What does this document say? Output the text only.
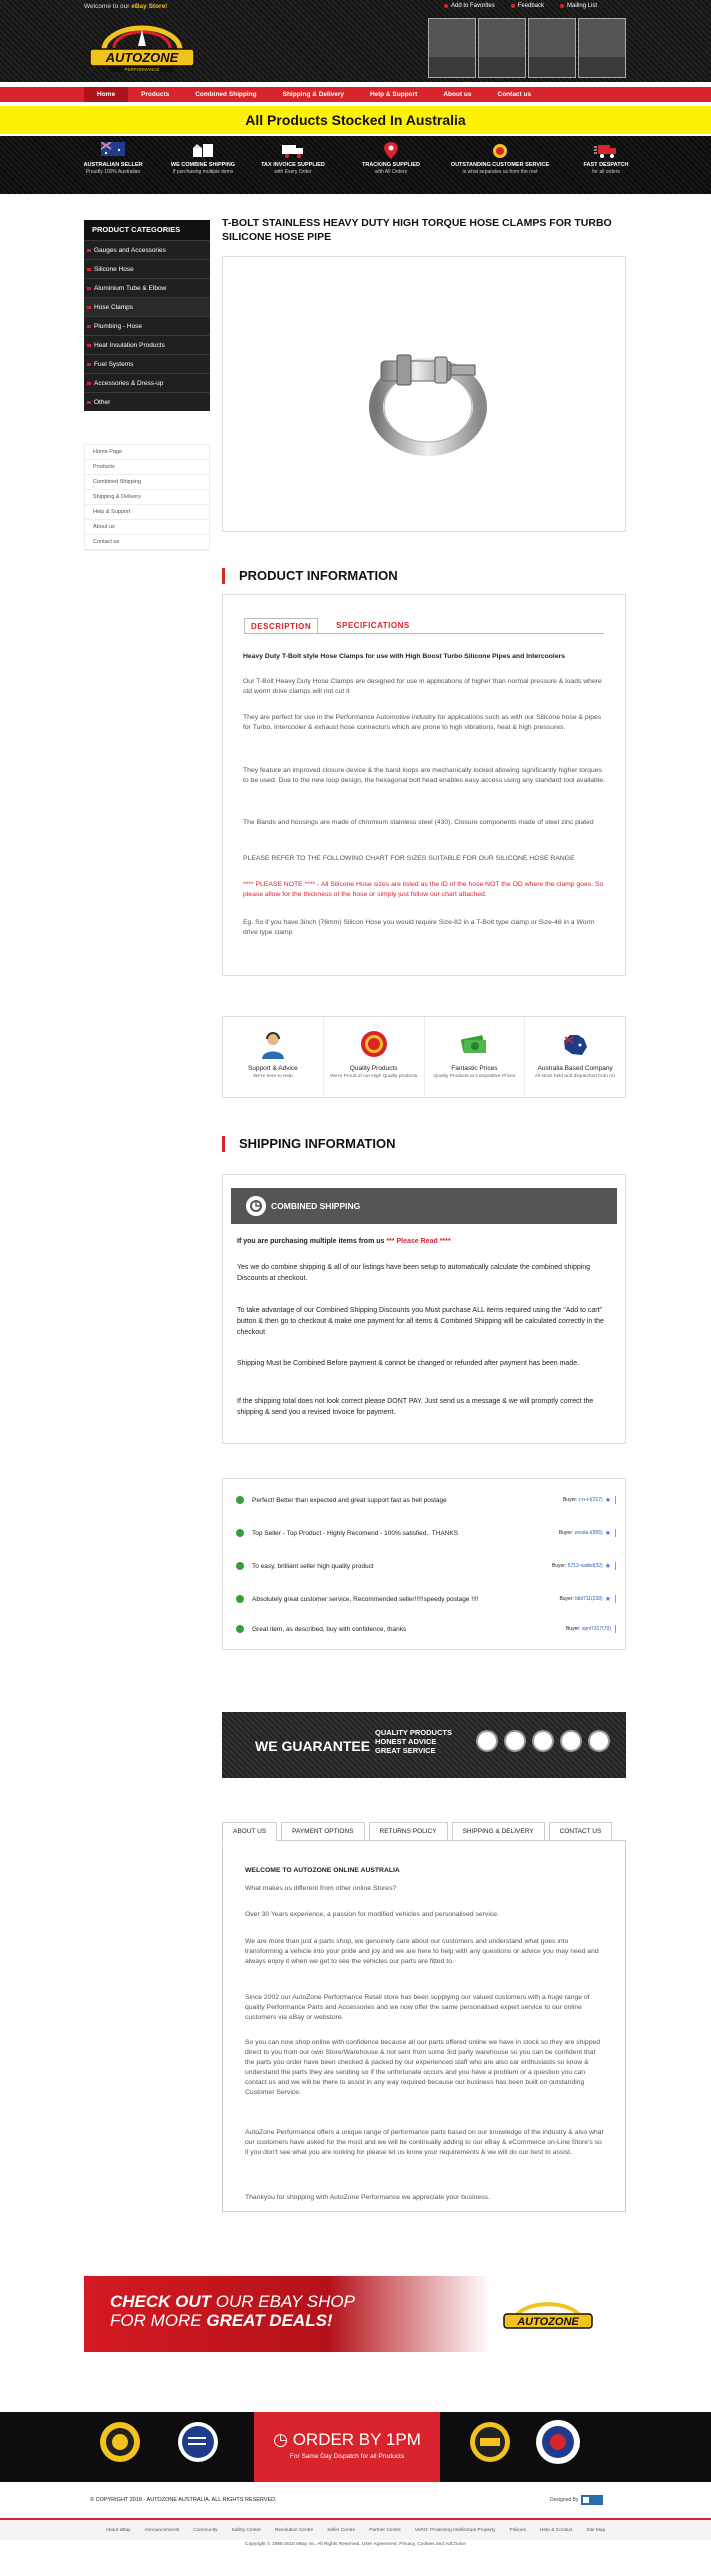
Welcome to our eBay Store!	Add to Favorites	Feedback	Mailing List
AUTOZONE
PERFORMANCE
Home	Products	Combined Shipping	Shipping & Delivery	Help & Support	About us	Contact us
All Products Stocked In Australia
AUSTRALIAN SELLER
Proudly 100% Australian
WE COMBINE SHIPPING
If purchasing multiple items
TAX INVOICE SUPPLIED
with Every Order
TRACKING SUPPLIED
with All Orders
OUTSTANDING CUSTOMER SERVICE
is what separates us from the rest
FAST DESPATCH
for all orders
PRODUCT CATEGORIES
Gauges and Accessories
Silicone Hose
Aluminium Tube & Elbow
Hose Clamps
Plumbing - Hose
Heat Insulation Products
Fuel Systems
Accessories & Dress-up
Other
Home Page
Products
Combined Shipping
Shipping & Delivery
Help & Support
About us
Contact us
T-BOLT STAINLESS HEAVY DUTY HIGH TORQUE HOSE CLAMPS FOR TURBO SILICONE HOSE PIPE
PRODUCT INFORMATION
DESCRIPTION	SPECIFICATIONS
Heavy Duty T-Bolt style Hose Clamps for use with High Boost Turbo Silicone Pipes and Intercoolers
Our T-Bolt Heavy Duty Hose Clamps are designed for use in applications of higher than normal pressure & loads where std worm drive clamps will not cut it
They are perfect for use in the Performance Automotive industry for applications such as with our Silicone hose & pipes for Turbo, Intercooler & exhaust hose connectors which are prone to high vibrations, heat & high pressures.
They feature an improved closure device & the band loops are mechanically locked allowing significantly higher torques to be used. Due to the new loop design, the hexagonal bolt head enables easy access using any standard tool available.
The Bands and housings are made of chromium stainless steel (430). Closure components made of steel zinc plated
PLEASE REFER TO THE FOLLOWING CHART FOR SIZES SUITABLE FOR OUR SILICONE HOSE RANGE
**** PLEASE NOTE **** - All Silicone Hose sizes are listed as the ID of the hose NOT the OD where the clamp goes. So please allow for the thickness of the hose or simply just follow our chart attached.
Eg. So if you have 3inch (76mm) Silicon Hose you would require Size-82 in a T-Bolt type clamp or Size-48 in a Worm drive type clamp
Support & Advice
We're here to Help
Quality Products
We're Proud of our High Quality products
Fantastic Prices
Quality Products at Competitive Prices
Australia Based Company
All stock held and dispatched from AU
SHIPPING INFORMATION
COMBINED SHIPPING
If you are purchasing multiple items from us *** Please Read ****
Yes we do combine shipping & all of our listings have been setup to automatically calculate the combined shipping Discounts at checkout.
To take advantage of our Combined Shipping Discounts you Must purchase ALL items required using the "Add to cart" button & then go to checkout & make one payment for all items & Combined Shipping will be calculated correctly in the checkout
Shipping Must be Combined Before payment & cannot be changed or refunded after payment has been made.
If the shipping total does not look correct please DONT PAY. Just send us a message & we will promptly correct the shipping & send you a revised Invoice for payment.
Perfect! Better than expected and great support fast as hell postage	Buyer: r-n-t-t(217) ★
Top Seller - Top Product - Highly Recomend - 100% satisfied.. THANKS	Buyer: zeuda-l(955) ★
To easy, brilliant seller high quality product	Buyer: 5713-xadkd(32) ★
Absolutely great customer service, Recommended seller!!!!!speedy postage !!!!	Buyer: bibl711(239) ★
Great item, as described, buy with confidence, thanks	Buyer: ayni7317(70)
WE GUARANTEE
QUALITY PRODUCTS
HONEST ADVICE
GREAT SERVICE
ABOUT US	PAYMENT OPTIONS	RETURNS POLICY	SHIPPING & DELIVERY	CONTACT US
WELCOME TO AUTOZONE ONLINE AUSTRALIA
What makes us different from other online Stores?
Over 30 Years experience, a passion for modified vehicles and personalised service.
We are more than just a parts shop, we genuinely care about our customers and understand what goes into transforming a vehicle into your pride and joy and we are here to help with any questions or advice you may need and always enjoy it when we get to see the vehicles our parts are fitted to.
Since 2002 our AutoZone Performance Retail store has been supplying our valued customers with a huge range of quality Performance Parts and Accessories and we now offer the same personalised expert service to our online customers via eBay or webstore.
So you can now shop online with confidence because all our parts offered online we have in stock so they are shipped direct to you from our own Store/Warehouse & not sent from some 3rd party warehouse so you can be confident that the parts you order have been checked & packed by our experienced staff who are also car enthusiasts so know & understand the parts they are sending so if the unfortunate occurs and you have a problem or a question you can contact us and we will be there to assist in any way required because our business has been built on outstanding Customer Service.
AutoZone Performance offers a unique range of performance parts based on our knowledge of the industry & also what our customers have asked for the most and we will be continually adding to our eBay & eCommerce on-Line Store's so if you don't see what you are looking for please let us know your requirements & we will do our best to assist.
Thankyou for shopping with AutoZone Performance we appreciate your business.
CHECK OUT OUR EBAY SHOP
FOR MORE GREAT DEALS!	AUTOZONE
◷ ORDER BY 1PM
For Same Day Dispatch for all Products
© COPYRIGHT 2018 - AUTOZONE AUSTRALIA. ALL RIGHTS RESERVED.	Designed By
About eBay	Announcements	Community	Safety Centre	Resolution Centre	Seller Centre	Partner Centre	VeRO: Protecting Intellectual Property	Policies	Help & Contact	Site Map
Copyright © 1995-2018 eBay Inc. All Rights Reserved. User Agreement, Privacy, Cookies and AdChoice
